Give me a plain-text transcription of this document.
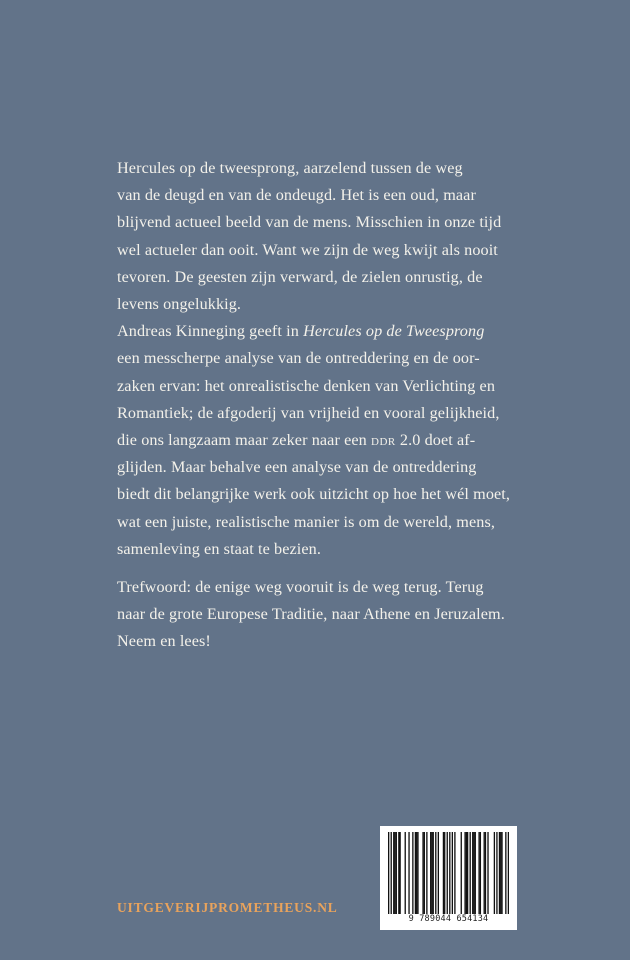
Hercules op de tweesprong, aarzelend tussen de weg
van de deugd en van de ondeugd. Het is een oud, maar
blijvend actueel beeld van de mens. Misschien in onze tijd
wel actueler dan ooit. Want we zijn de weg kwijt als nooit
tevoren. De geesten zijn verward, de zielen onrustig, de
levens ongelukkig.

Andreas Kinneging geeft in Hercules op de Tweesprong
een messcherpe analyse van de ontreddering en de oor-
zaken ervan: het onrealistische denken van Verlichting en
Romantiek; de afgoderij van vrijheid en vooral gelijkheid,
die ons langzaam maar zeker naar een ddr 2.0 doet af-
glijden. Maar behalve een analyse van de ontreddering
biedt dit belangrijke werk ook uitzicht op hoe het wél moet,
wat een juiste, realistische manier is om de wereld, mens,
samenleving en staat te bezien.

Trefwoord: de enige weg vooruit is de weg terug. Terug
naar de grote Europese Traditie, naar Athene en Jeruzalem.
Neem en lees!

UITGEVERIJPROMETHEUS.NL
9 789044 654134
